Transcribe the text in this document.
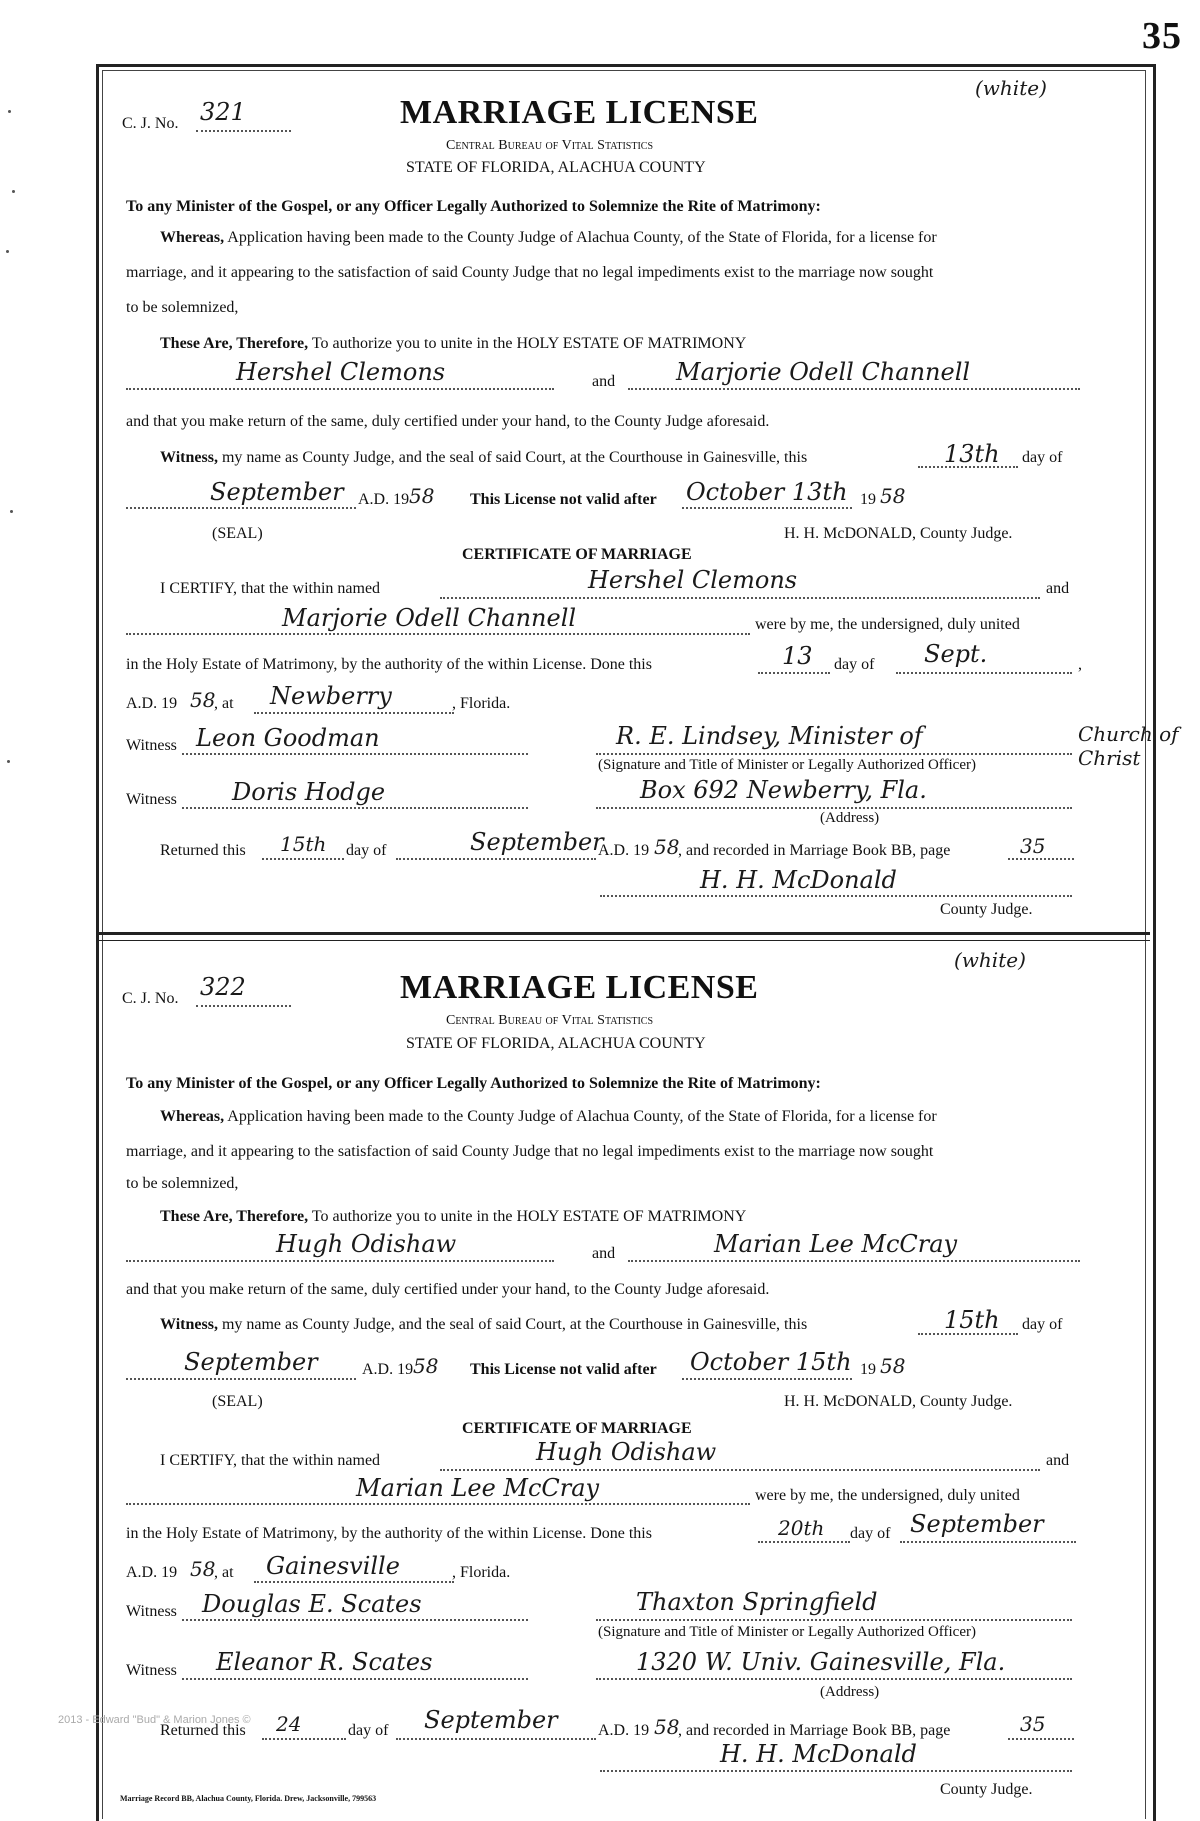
35
(white)
C. J. No. 321	MARRIAGE LICENSE
Central Bureau of Vital Statistics
STATE OF FLORIDA, ALACHUA COUNTY
To any Minister of the Gospel, or any Officer Legally Authorized to Solemnize the Rite of Matrimony:
Whereas, Application having been made to the County Judge of Alachua County, of the State of Florida, for a license for
marriage, and it appearing to the satisfaction of said County Judge that no legal impediments exist to the marriage now sought
to be solemnized,
These Are, Therefore, To authorize you to unite in the HOLY ESTATE OF MATRIMONY
Hershel Clemons	and	Marjorie Odell Channell
and that you make return of the same, duly certified under your hand, to the County Judge aforesaid.
Witness, my name as County Judge, and the seal of said Court, at the Courthouse in Gainesville, this	13th day of
September A.D. 19 58 This License not valid after October 13th 19 58
(SEAL)	H. H. McDONALD, County Judge.
CERTIFICATE OF MARRIAGE
I CERTIFY, that the within named	Hershel Clemons	and
Marjorie Odell Channell	were by me, the undersigned, duly united
in the Holy Estate of Matrimony, by the authority of the within License. Done this	13 day of Sept.	,
A.D. 19 58
, at Newberry	, Florida.
Witness Leon Goodman	R. E. Lindsey, Minister of	Church of Christ
(Signature and Title of Minister or Legally Authorized Officer)
Witness Doris Hodge	Box 692 Newberry, Fla.
(Address)
Returned this 15th day of	September
A.D. 19 58
, and recorded in Marriage Book BB, page	35
H. H. McDonald
County Judge.
(white)
C. J. No. 322	MARRIAGE LICENSE
Central Bureau of Vital Statistics
STATE OF FLORIDA, ALACHUA COUNTY
To any Minister of the Gospel, or any Officer Legally Authorized to Solemnize the Rite of Matrimony:
Whereas, Application having been made to the County Judge of Alachua County, of the State of Florida, for a license for
marriage, and it appearing to the satisfaction of said County Judge that no legal impediments exist to the marriage now sought
to be solemnized,
These Are, Therefore, To authorize you to unite in the HOLY ESTATE OF MATRIMONY
Hugh Odishaw	and	Marian Lee McCray
and that you make return of the same, duly certified under your hand, to the County Judge aforesaid.
Witness, my name as County Judge, and the seal of said Court, at the Courthouse in Gainesville, this	15th day of
September	A.D. 19 58 This License not valid after October 15th 19 58
(SEAL)	H. H. McDONALD, County Judge.
CERTIFICATE OF MARRIAGE
I CERTIFY, that the within named	Hugh Odishaw	and
Marian Lee McCray	were by me, the undersigned, duly united
in the Holy Estate of Matrimony, by the authority of the within License. Done this	20th day of September
A.D. 19 58
, at Gainesville	, Florida.
Witness Douglas E. Scates	Thaxton Springfield
(Signature and Title of Minister or Legally Authorized Officer)
Witness Eleanor R. Scates	1320 W. Univ. Gainesville, Fla.
(Address)
Returned this 24	day of September	A.D. 19 58
, and recorded in Marriage Book BB, page	35
H. H. McDonald
County Judge.
2013 - Edward "Bud" & Marion Jones ©
Marriage Record BB, Alachua County, Florida. Drew, Jacksonville, 799563
